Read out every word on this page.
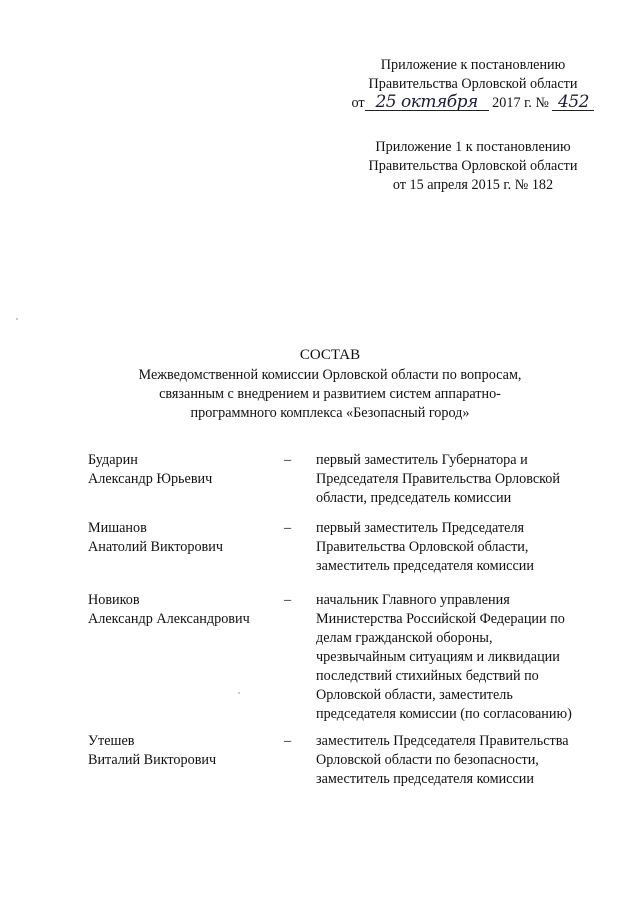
Приложение к постановлению
Правительства Орловской области
от 25 октября 2017 г. № 452
Приложение 1 к постановлению
Правительства Орловской области
от 15 апреля 2015 г. № 182
СОСТАВ
Межведомственной комиссии Орловской области по вопросам,
связанным с внедрением и развитием систем аппаратно-
программного комплекса «Безопасный город»
Бударин
Александр Юрьевич
– первый заместитель Губернатора и
Председателя Правительства Орловской
области, председатель комиссии
Мишанов
Анатолий Викторович
– первый заместитель Председателя
Правительства Орловской области,
заместитель председателя комиссии
Новиков
Александр Александрович
– начальник Главного управления
Министерства Российской Федерации по
делам гражданской обороны,
чрезвычайным ситуациям и ликвидации
последствий стихийных бедствий по
Орловской области, заместитель
председателя комиссии (по согласованию)
Утешев
Виталий Викторович
– заместитель Председателя Правительства
Орловской области по безопасности,
заместитель председателя комиссии
